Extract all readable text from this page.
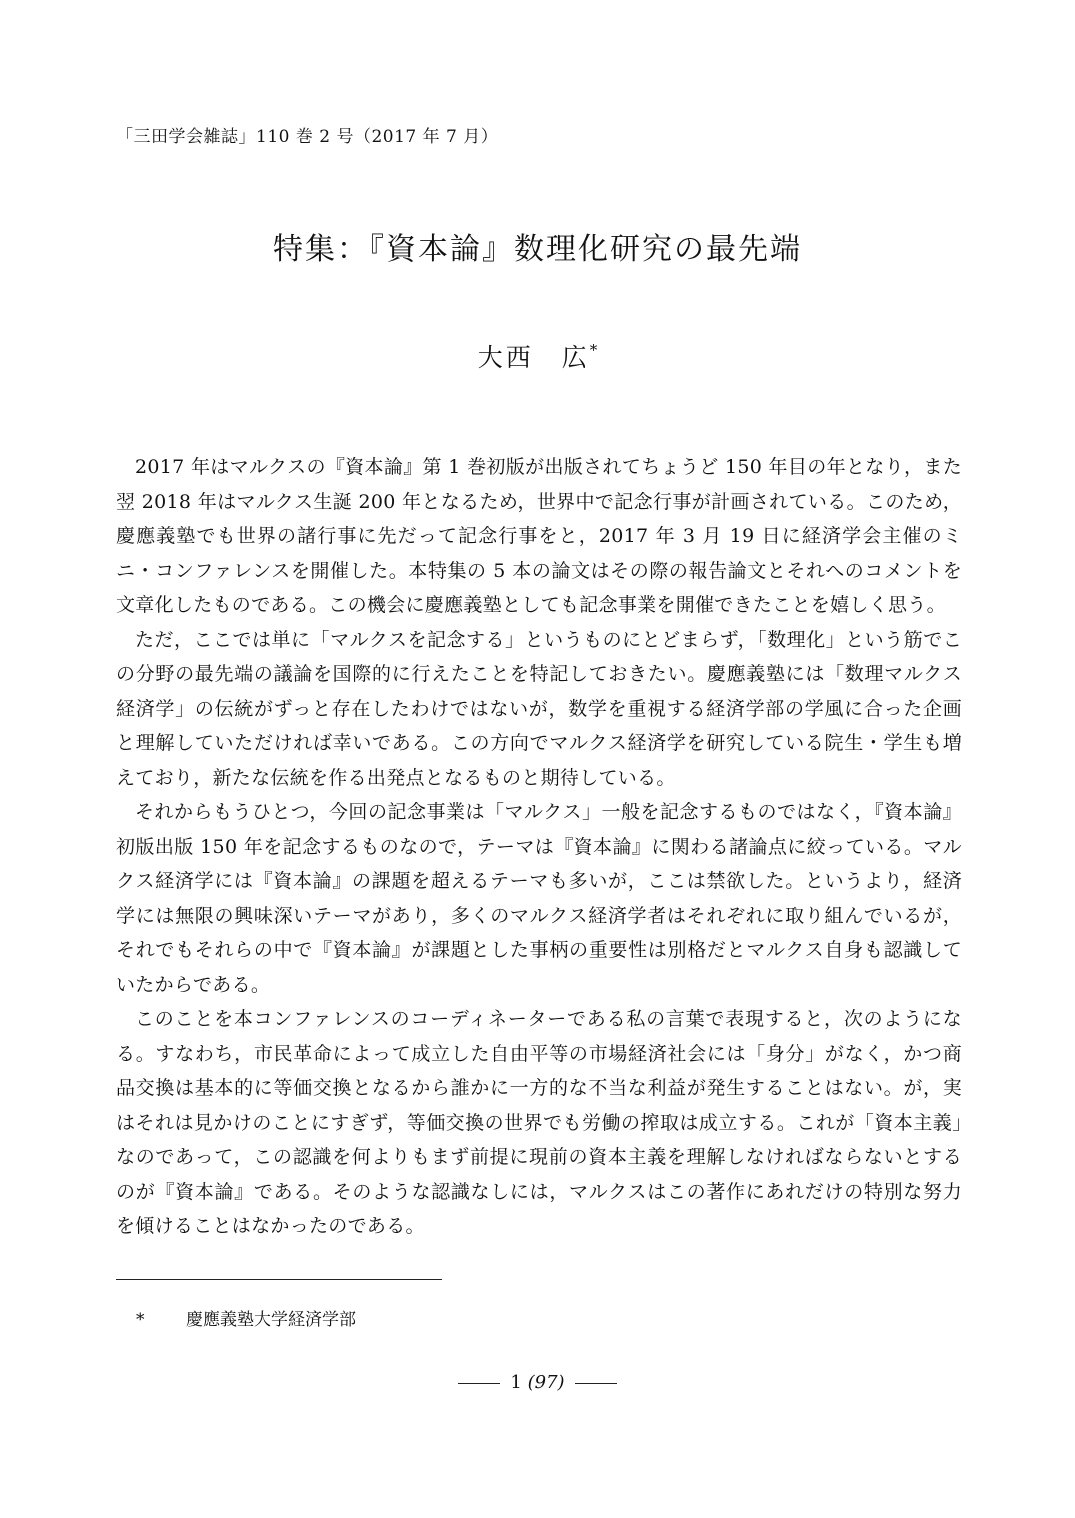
「三田学会雑誌」110 巻 2 号（2017 年 7 月）
特集：『資本論』数理化研究の最先端
大西　広*

2017 年はマルクスの『資本論』第 1 巻初版が出版されてちょうど 150 年目の年となり，また翌 2018 年はマルクス生誕 200 年となるため，世界中で記念行事が計画されている。このため，慶應義塾でも世界の諸行事に先だって記念行事をと，2017 年 3 月 19 日に経済学会主催のミニ・コンファレンスを開催した。本特集の 5 本の論文はその際の報告論文とそれへのコメントを文章化したものである。この機会に慶應義塾としても記念事業を開催できたことを嬉しく思う。

ただ，ここでは単に「マルクスを記念する」というものにとどまらず，「数理化」という筋でこの分野の最先端の議論を国際的に行えたことを特記しておきたい。慶應義塾には「数理マルクス経済学」の伝統がずっと存在したわけではないが，数学を重視する経済学部の学風に合った企画と理解していただければ幸いである。この方向でマルクス経済学を研究している院生・学生も増えており，新たな伝統を作る出発点となるものと期待している。

それからもうひとつ，今回の記念事業は「マルクス」一般を記念するものではなく，『資本論』初版出版 150 年を記念するものなので，テーマは『資本論』に関わる諸論点に絞っている。マルクス経済学には『資本論』の課題を超えるテーマも多いが，ここは禁欲した。というより，経済学には無限の興味深いテーマがあり，多くのマルクス経済学者はそれぞれに取り組んでいるが，それでもそれらの中で『資本論』が課題とした事柄の重要性は別格だとマルクス自身も認識していたからである。

このことを本コンファレンスのコーディネーターである私の言葉で表現すると，次のようになる。すなわち，市民革命によって成立した自由平等の市場経済社会には「身分」がなく，かつ商品交換は基本的に等価交換となるから誰かに一方的な不当な利益が発生することはない。が，実はそれは見かけのことにすぎず，等価交換の世界でも労働の搾取は成立する。これが「資本主義」なのであって，この認識を何よりもまず前提に現前の資本主義を理解しなければならないとするのが『資本論』である。そのような認識なしには，マルクスはこの著作にあれだけの特別な努力を傾けることはなかったのである。

* 慶應義塾大学経済学部
1 (97)
